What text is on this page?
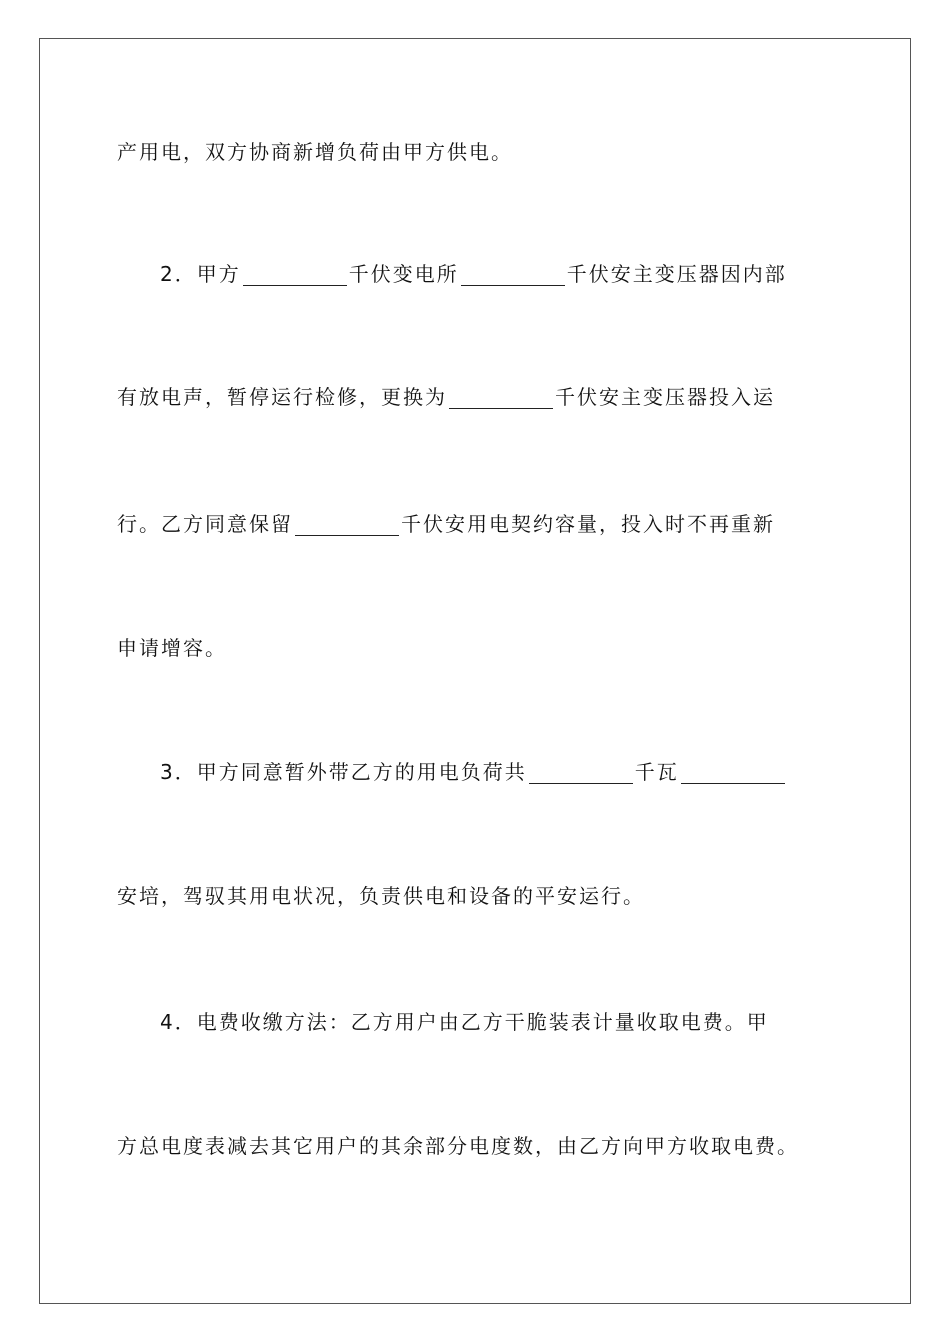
产用电，双方协商新增负荷由甲方供电。
2．甲方	千伏变电所	千伏安主变压器因内部
有放电声，暂停运行检修，更换为	千伏安主变压器投入运
行。乙方同意保留	千伏安用电契约容量，投入时不再重新
申请增容。
3．甲方同意暂外带乙方的用电负荷共	千瓦
安培，驾驭其用电状况，负责供电和设备的平安运行。
4．电费收缴方法：乙方用户由乙方干脆装表计量收取电费。甲
方总电度表减去其它用户的其余部分电度数，由乙方向甲方收取电费。
